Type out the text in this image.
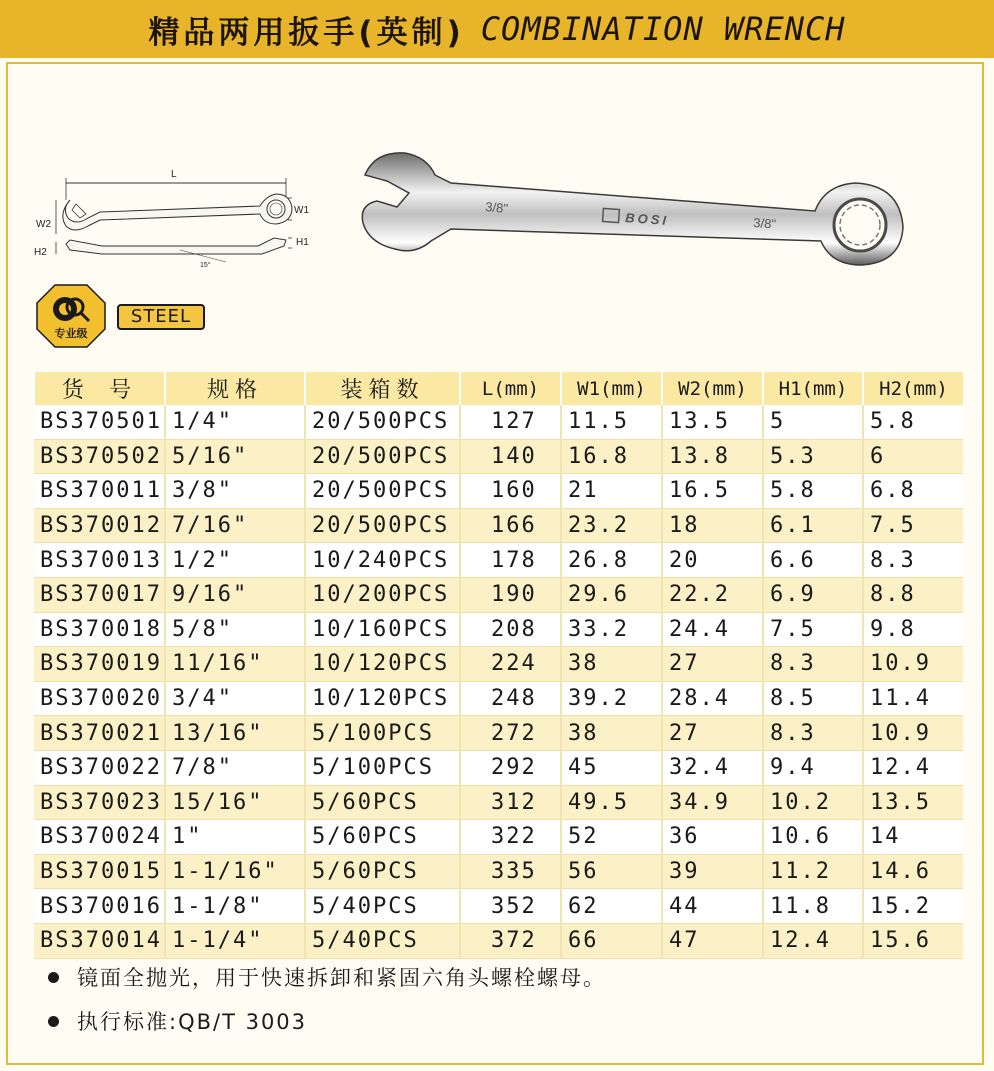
精品两用扳手(英制) COMBINATION WRENCH
L
W1
W2
H2
H1
15°
3/8"
BOSI	3/8"
专业级
STEEL
货 号	规格	装箱数	L(mm)	W1(mm)	W2(mm)	H1(mm)	H2(mm)
BS370501	1/4"	20/500PCS	127	11.5	13.5	5	5.8
BS370502	5/16"	20/500PCS	140	16.8	13.8	5.3	6
BS370011	3/8"	20/500PCS	160	21	16.5	5.8	6.8
BS370012	7/16"	20/500PCS	166	23.2	18	6.1	7.5
BS370013	1/2"	10/240PCS	178	26.8	20	6.6	8.3
BS370017	9/16"	10/200PCS	190	29.6	22.2	6.9	8.8
BS370018	5/8"	10/160PCS	208	33.2	24.4	7.5	9.8
BS370019	11/16"	10/120PCS	224	38	27	8.3	10.9
BS370020	3/4"	10/120PCS	248	39.2	28.4	8.5	11.4
BS370021	13/16"	5/100PCS	272	38	27	8.3	10.9
BS370022	7/8"	5/100PCS	292	45	32.4	9.4	12.4
BS370023	15/16"	5/60PCS	312	49.5	34.9	10.2	13.5
BS370024	1"	5/60PCS	322	52	36	10.6	14
BS370015	1-1/16"	5/60PCS	335	56	39	11.2	14.6
BS370016	1-1/8"	5/40PCS	352	62	44	11.8	15.2
BS370014	1-1/4"	5/40PCS	372	66	47	12.4	15.6
镜面全抛光，用于快速拆卸和紧固六角头螺栓螺母。
执行标准:QB/T 3003
